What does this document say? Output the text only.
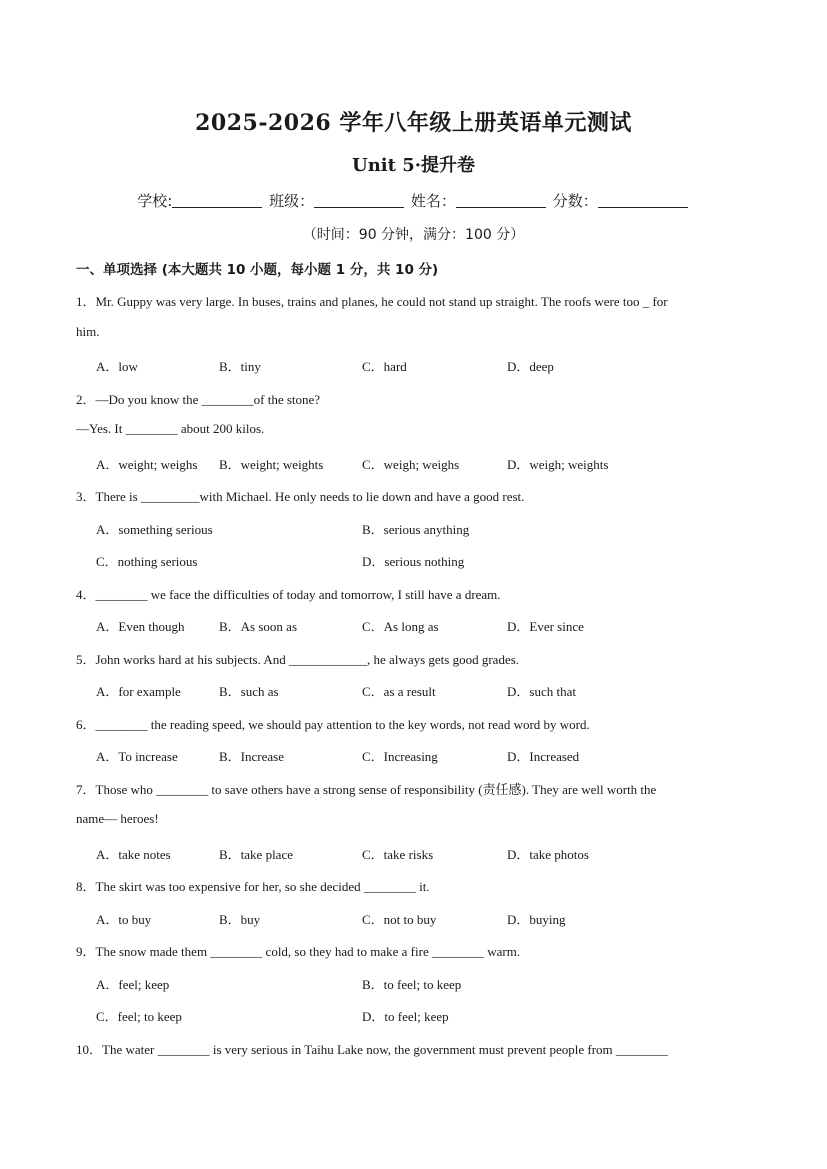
2025-2026 学年八年级上册英语单元测试
Unit 5·提升卷
学校:	班级：	姓名：	分数：
（时间：90 分钟，满分：100 分）
一、单项选择 (本大题共 10 小题，每小题 1 分，共 10 分)
1．Mr. Guppy was very large. In buses, trains and planes, he could not stand up straight. The roofs were too _ for
him.
A．low	B．tiny	C．hard	D．deep
2．—Do you know the ________of the stone?
—Yes. It ________ about 200 kilos.
A．weight; weighs B．weight; weights	C．weigh; weighs	D．weigh; weights
3．There is _________with Michael. He only needs to lie down and have a good rest.
A．something serious	B．serious anything
C．nothing serious	D．serious nothing
4．________ we face the difficulties of today and tomorrow, I still have a dream.
A．Even though	B．As soon as	C．As long as	D．Ever since
5．John works hard at his subjects. And ____________, he always gets good grades.
A．for example	B．such as	C．as a result	D．such that
6．________ the reading speed, we should pay attention to the key words, not read word by word.
A．To increase	B．Increase	C．Increasing	D．Increased
7．Those who ________ to save others have a strong sense of responsibility (责任感). They are well worth the
name— heroes!
A．take notes	B．take place	C．take risks	D．take photos
8．The skirt was too expensive for her, so she decided ________ it.
A．to buy	B．buy	C．not to buy	D．buying
9．The snow made them ________ cold, so they had to make a fire ________ warm.
A．feel; keep	B．to feel; to keep
C．feel; to keep	D．to feel; keep
10．The water ________ is very serious in Taihu Lake now, the government must prevent people from ________
